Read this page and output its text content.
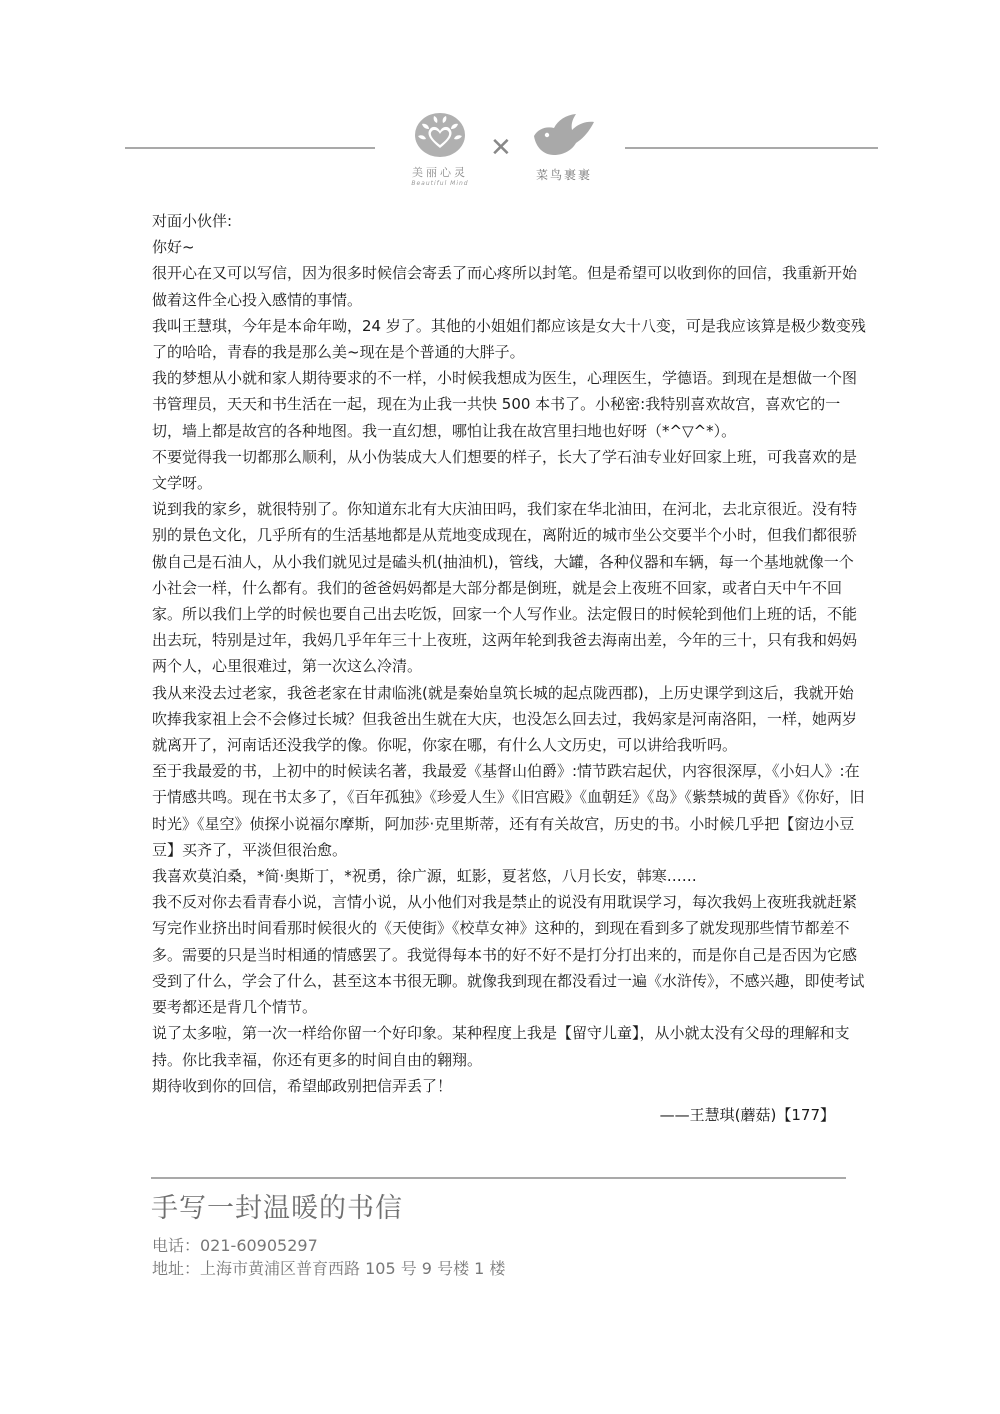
美丽心灵
Beautiful Mind
✕
菜鸟裹裹

对面小伙伴:

你好~

很开心在又可以写信，因为很多时候信会寄丢了而心疼所以封笔。但是希望可以收到你的回信，我重新开始做着这件全心投入感情的事情。

我叫王慧琪，今年是本命年呦，24 岁了。其他的小姐姐们都应该是女大十八变，可是我应该算是极少数变残了的哈哈，青春的我是那么美~现在是个普通的大胖子。

我的梦想从小就和家人期待要求的不一样，小时候我想成为医生，心理医生，学德语。到现在是想做一个图书管理员，天天和书生活在一起，现在为止我一共快 500 本书了。小秘密:我特别喜欢故宫，喜欢它的一切，墙上都是故宫的各种地图。我一直幻想，哪怕让我在故宫里扫地也好呀（*^▽^*）。

不要觉得我一切都那么顺利，从小伪装成大人们想要的样子，长大了学石油专业好回家上班，可我喜欢的是文学呀。

说到我的家乡，就很特别了。你知道东北有大庆油田吗，我们家在华北油田，在河北，去北京很近。没有特别的景色文化，几乎所有的生活基地都是从荒地变成现在，离附近的城市坐公交要半个小时，但我们都很骄傲自己是石油人，从小我们就见过是磕头机(抽油机)，管线，大罐，各种仪器和车辆，每一个基地就像一个小社会一样，什么都有。我们的爸爸妈妈都是大部分都是倒班，就是会上夜班不回家，或者白天中午不回家。所以我们上学的时候也要自己出去吃饭，回家一个人写作业。法定假日的时候轮到他们上班的话，不能出去玩，特别是过年，我妈几乎年年三十上夜班，这两年轮到我爸去海南出差，今年的三十，只有我和妈妈两个人，心里很难过，第一次这么冷清。

我从来没去过老家，我爸老家在甘肃临洮(就是秦始皇筑长城的起点陇西郡)，上历史课学到这后，我就开始吹捧我家祖上会不会修过长城？但我爸出生就在大庆，也没怎么回去过，我妈家是河南洛阳，一样，她两岁就离开了，河南话还没我学的像。你呢，你家在哪，有什么人文历史，可以讲给我听吗。

至于我最爱的书，上初中的时候读名著，我最爱《基督山伯爵》:情节跌宕起伏，内容很深厚，《小妇人》:在于情感共鸣。现在书太多了，《百年孤独》《珍爱人生》《旧宫殿》《血朝廷》《岛》《紫禁城的黄昏》《你好，旧时光》《星空》侦探小说福尔摩斯，阿加莎·克里斯蒂，还有有关故宫，历史的书。小时候几乎把【窗边小豆豆】买齐了，平淡但很治愈。

我喜欢莫泊桑，*简·奥斯丁，*祝勇，徐广源，虹影，夏茗悠，八月长安，韩寒……

我不反对你去看青春小说，言情小说，从小他们对我是禁止的说没有用耽误学习，每次我妈上夜班我就赶紧写完作业挤出时间看那时候很火的《天使街》《校草女神》这种的，到现在看到多了就发现那些情节都差不多。需要的只是当时相通的情感罢了。我觉得每本书的好不好不是打分打出来的，而是你自己是否因为它感受到了什么，学会了什么，甚至这本书很无聊。就像我到现在都没看过一遍《水浒传》，不感兴趣，即使考试要考都还是背几个情节。

说了太多啦，第一次一样给你留一个好印象。某种程度上我是【留守儿童】，从小就太没有父母的理解和支持。你比我幸福，你还有更多的时间自由的翱翔。

期待收到你的回信，希望邮政别把信弄丢了！

——王慧琪(蘑菇)【177】

手写一封温暖的书信
电话：021-60905297
地址：上海市黄浦区普育西路 105 号 9 号楼 1 楼
